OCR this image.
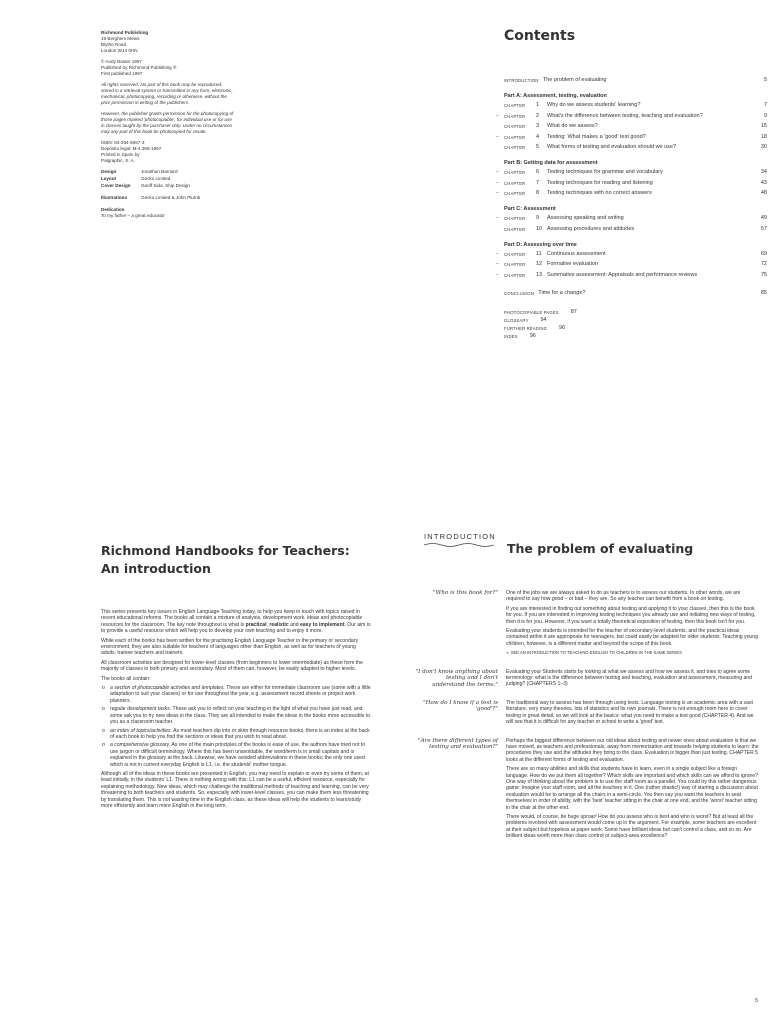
Richmond Publishing
19 Berghem Mews
Blythe Road
London W14 0HN

© Andy Baxter 1997
Published by Richmond Publishing ®
First published 1997

All rights reserved. No part of this book may be reproduced, stored in a retrieval system or transmitted in any form, electronic, mechanical, photocopying, recording or otherwise, without the prior permission in writing of the publishers.

However, the publisher grants permission for the photocopying of those pages marked 'photocopiable', for individual use or for use in classes taught by the purchaser only. Under no circumstances may any part of this book be photocopied for resale.

ISBN: 84-294-5067-3
Depósito legal: M-4.358-1997
Printed in Spain by
Palgraphic, S. A.

Design	Jonathan Barnard
Layout	Gecko Limited
Cover Design	Geoff Sida, Ship Design
Illustrations	Gecko Limited & John Plumb

Dedication
To my father – a great educator

Contents
INTRODUCTION: The problem of evaluating	5
Part A: Assessment, testing, evaluation
CHAPTER	1	Why do we assess students' learning?	7
– CHAPTER	2	What's the difference between testing, teaching and evaluation?	9
CHAPTER	3	What do we assess?	15
– CHAPTER	4	Testing: What makes a 'good' test good?	18
CHAPTER	5	What forms of testing and evaluation should we use?	30
Part B: Getting data for assessment
– CHAPTER	6	Testing techniques for grammar and vocabulary	34
– CHAPTER	7	Testing techniques for reading and listening	43
– CHAPTER	8	Testing techniques with no correct answers	48
Part C: Assessment
– CHAPTER	9	Assessing speaking and writing	49
CHAPTER	10 Assessing procedures and attitudes	57
Part D: Assessing over time
– CHAPTER	11 Continuous assessment	69
– CHAPTER	12 Formative evaluation	72
– CHAPTER	13 Summative assessment: Appraisals and performance reviews	75
CONCLUSION: Time for a change?	85
PHOTOCOPIABLE PAGES	87
GLOSSARY	94
FURTHER READING	96
INDEX	96
Richmond Handbooks for Teachers:
An introduction

This series presents key issues in English Language Teaching today, to help you keep in touch with topics raised in recent educational reforms. The books all contain a mixture of analysis, development work, ideas and photocopiable resources for the classroom. The key note throughout is what is practical, realistic and easy to implement. Our aim is to provide a useful resource which will help you to develop your own teaching and to enjoy it more.

While each of the books has been written for the practising English Language Teacher in the primary or secondary environment, they are also suitable for teachers of languages other than English, as well as for teachers of young adults, trainee teachers and trainers.

All classroom activities are designed for lower-level classes (from beginners to lower intermediate) as these form the majority of classes in both primary and secondary. Most of them can, however, be easily adapted to higher levels.

The books all contain:

o a section of photocopiable activities and templates. These are either for immediate classroom use (some with a little adaptation to suit your classes) or for use throughout the year, e.g. assessment record sheets or project work planners.
o regular development tasks. These ask you to reflect on your teaching in the light of what you have just read, and some ask you to try new ideas in the class. They are all intended to make the ideas in the books more accessible to you as a classroom teacher.
o an index of topics/activities. As most teachers dip into or skim through resource books, there is an index at the back of each book to help you find the sections or ideas that you wish to read about.
o a comprehensive glossary. As one of the main principles of the books is ease of use, the authors have tried not to use jargon or difficult terminology. Where this has been unavoidable, the word/term is in small capitals and is explained in the glossary at the back. Likewise, we have avoided abbreviations in these books; the only one used which is not in current everyday English is L1, i.e. the students' mother tongue.

Although all of the ideas in these books are presented in English, you may need to explain or even try some of them, at least initially, in the students' L1. There is nothing wrong with this: L1 can be a useful, efficient resource, especially for explaining methodology. New ideas, which may challenge the traditional methods of teaching and learning, can be very threatening to both teachers and students. So, especially with lower-level classes, you can make them less threatening by translating them. This is not wasting time in the English class, as these ideas will help the students to learn/study more efficiently and learn more English in the long term.

INTRODUCTION
The problem of evaluating
"Who is this book for?"	One of the jobs we are always asked to do as teachers is to assess our students. In other words, we are required to say how good – or bad – they are. So any teacher can benefit from a book on testing.

If you are interested in finding out something about testing and applying it to your classes, then this is the book for you. If you are interested in improving testing techniques you already use and initiating new ways of testing, then it is for you. However, if you want a totally theoretical exposition of testing, then this book isn't for you.

Evaluating your students is intended for the teacher of secondary-level students, and the practical ideas contained within it are appropriate for teenagers, but could easily be adapted for older students. Teaching young children, however, is a different matter and beyond the scope of this book.

➪ SEE AN INTRODUCTION TO TEACHING ENGLISH TO CHILDREN IN THE SAME SERIES

"I don't know anything about testing and I don't understand the terms."

Evaluating your Students starts by looking at what we assess and how we assess it, and tries to agree some terminology: what is the difference between testing and teaching, evaluation and assessment, measuring and judging? (CHAPTERS 1–3)

"How do I know if a test is 'good'?"

The traditional way to assess has been through using tests. Language testing is an academic area with a vast literature, very many theories, lots of statistics and its own journals. There is not enough room here to cover testing in great detail, so we will look at the basics: what you need to make a test good (CHAPTER 4). And we will see that it is difficult for any teacher or school to write a 'good' test.

"Are there different types of testing and evaluation?"

Perhaps the biggest difference between our old ideas about testing and newer ones about evaluation is that we have moved, as teachers and professionals, away from memorisation and towards helping students to learn: the procedures they use and the attitudes they bring to the class. Evaluation is bigger than just testing. CHAPTER 5 looks at the different forms of testing and evaluation.

There are so many abilities and skills that students have to learn, even in a single subject like a foreign language. How do we put them all together? Which skills are important and which skills can we afford to ignore? One way of thinking about the problem is to use the staff room as a parallel. You could try this rather dangerous game: Imagine your staff room, and all the teachers in it. One (rather drastic!) way of starting a discussion about evaluation would be to arrange all the chairs in a semi-circle. You then say you want the teachers to seat themselves in order of ability, with the 'best' teacher sitting in the chair at one end, and the 'worst' teacher sitting in the chair at the other end.

There would, of course, be huge uproar! How do you assess who is best and who is worst? But at least all the problems involved with assessment would come up in the argument. For example, some teachers are excellent at their subject but hopeless at paper work. Some have brilliant ideas but can't control a class, and so on. Are brilliant ideas worth more than class control or subject-area excellence?

5
